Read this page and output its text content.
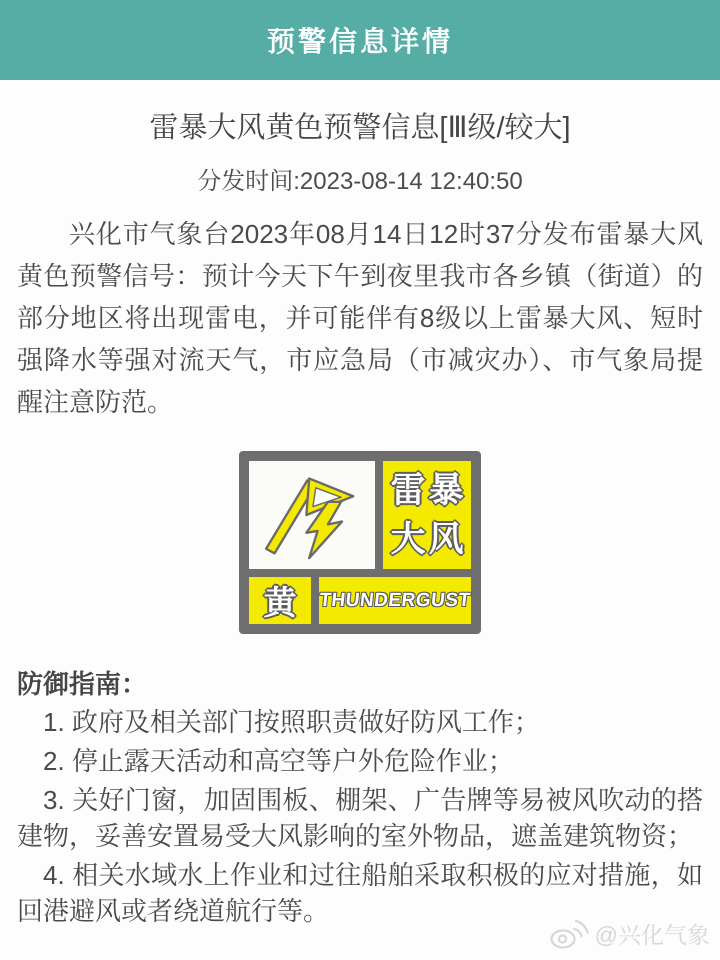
预警信息详情
雷暴大风黄色预警信息[Ⅲ级/较大]
分发时间:2023-08-14 12:40:50

兴化市气象台2023年08月14日12时37分发布雷暴大风黄色预警信号：预计今天下午到夜里我市各乡镇（街道）的部分地区将出现雷电，并可能伴有8级以上雷暴大风、短时强降水等强对流天气，市应急局（市减灾办）、市气象局提醒注意防范。

雷 暴
大 风
黄	THUNDERGUST
防御指南：

1. 政府及相关部门按照职责做好防风工作；

2. 停止露天活动和高空等户外危险作业；

3. 关好门窗，加固围板、棚架、广告牌等易被风吹动的搭建物，妥善安置易受大风影响的室外物品，遮盖建筑物资；

4. 相关水域水上作业和过往船舶采取积极的应对措施，如回港避风或者绕道航行等。

@兴化气象
